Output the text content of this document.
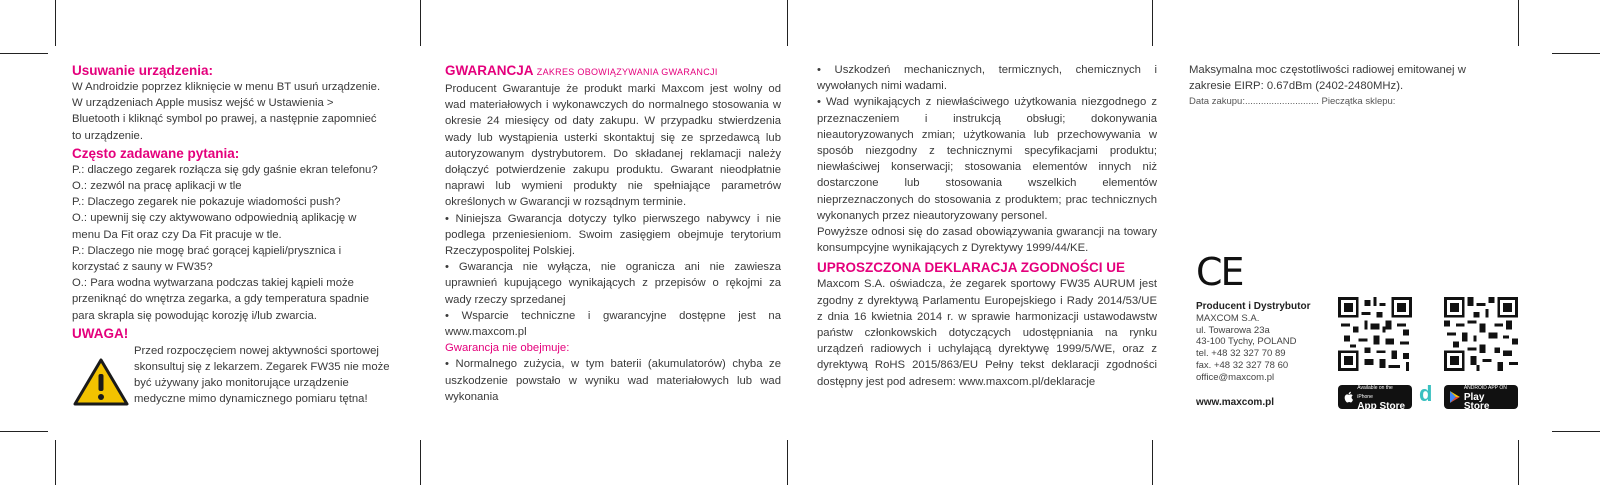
Usuwanie urządzenia:

W Androidzie poprzez kliknięcie w menu BT usuń urządzenie.

W urządzeniach Apple musisz wejść w Ustawienia >

Bluetooth i kliknąć symbol po prawej, a następnie zapomnieć

to urządzenie.

Często zadawane pytania:

P.: dlaczego zegarek rozłącza się gdy gaśnie ekran telefonu?

O.: zezwól na pracę aplikacji w tle

P.: Dlaczego zegarek nie pokazuje wiadomości push?

O.: upewnij się czy aktywowano odpowiednią aplikację w

menu Da Fit oraz czy Da Fit pracuje w tle.

P.: Dlaczego nie mogę brać gorącej kąpieli/prysznica i

korzystać z sauny w FW35?

O.: Para wodna wytwarzana podczas takiej kąpieli może

przeniknąć do wnętrza zegarka, a gdy temperatura spadnie

para skrapla się powodując korozję i/lub zwarcia.

UWAGA!

Przed rozpoczęciem nowej aktywności sportowej

skonsultuj się z lekarzem. Zegarek FW35 nie może

być używany jako monitorujące urządzenie

medyczne mimo dynamicznego pomiaru tętna!

GWARANCJA ZAKRES OBOWIĄZYWANIA GWARANCJI

Producent Gwarantuje że produkt marki Maxcom jest wolny od wad materiałowych i wykonawczych do normalnego stosowania w okresie 24 miesięcy od daty zakupu. W przypadku stwierdzenia wady lub wystąpienia usterki skontaktuj się ze sprzedawcą lub autoryzowanym dystrybutorem. Do składanej reklamacji należy dołączyć potwierdzenie zakupu produktu. Gwarant nieodpłatnie naprawi lub wymieni produkty nie spełniające parametrów określonych w Gwarancji w rozsądnym terminie.

• Niniejsza Gwarancja dotyczy tylko pierwszego nabywcy i nie podlega przeniesieniom. Swoim zasięgiem obejmuje terytorium Rzeczypospolitej Polskiej.

• Gwarancja nie wyłącza, nie ogranicza ani nie zawiesza uprawnień kupującego wynikających z przepisów o rękojmi za wady rzeczy sprzedanej

• Wsparcie techniczne i gwarancyjne dostępne jest na www.maxcom.pl

Gwarancja nie obejmuje:

• Normalnego zużycia, w tym baterii (akumulatorów) chyba ze uszkodzenie powstało w wyniku wad materiałowych lub wad wykonania

• Uszkodzeń mechanicznych, termicznych, chemicznych i wywołanych nimi wadami.

• Wad wynikających z niewłaściwego użytkowania niezgodnego z przeznaczeniem i instrukcją obsługi; dokonywania nieautoryzowanych zmian; użytkowania lub przechowywania w sposób niezgodny z technicznymi specyfikacjami produktu; niewłaściwej konserwacji; stosowania elementów innych niż dostarczone lub stosowania wszelkich elementów nieprzeznaczonych do stosowania z produktem; prac technicznych wykonanych przez nieautoryzowany personel.

Powyższe odnosi się do zasad obowiązywania gwarancji na towary konsumpcyjne wynikających z Dyrektywy 1999/44/KE.

UPROSZCZONA DEKLARACJA ZGODNOŚCI UE

Maxcom S.A. oświadcza, że zegarek sportowy FW35 AURUM jest zgodny z dyrektywą Parlamentu Europejskiego i Rady 2014/53/UE z dnia 16 kwietnia 2014 r. w sprawie harmonizacji ustawodawstw państw członkowskich dotyczących udostępniania na rynku urządzeń radiowych i uchylającą dyrektywę 1999/5/WE, oraz z dyrektywą RoHS 2015/863/EU Pełny tekst deklaracji zgodności dostępny jest pod adresem: www.maxcom.pl/deklaracje

Maksymalna moc częstotliwości radiowej emitowanej w zakresie EIRP: 0.67dBm (2402-2480MHz).

Data zakupu:............................ Pieczątka sklepu:

CE
Producent i Dystrybutor
MAXCOM S.A.
ul. Towarowa 23a
43-100 Tychy, POLAND
tel. +48 32 327 70 89
fax. +48 32 327 78 60
office@maxcom.pl
www.maxcom.pl
Available on the iPhone
App Store d	ANDROID APP ON
Play Store
